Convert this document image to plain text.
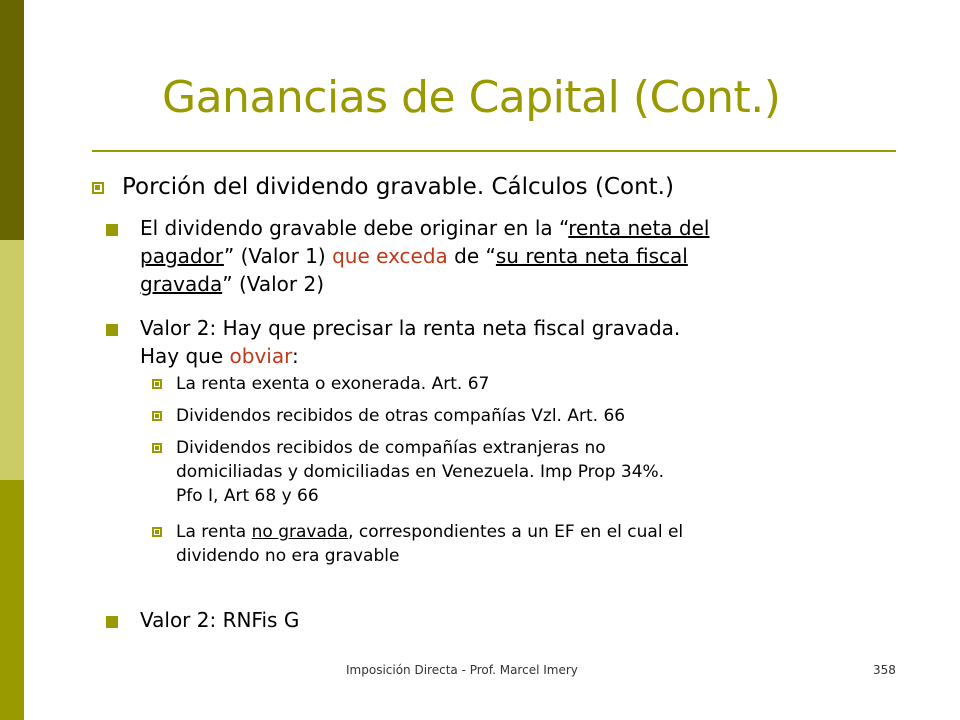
Ganancias de Capital (Cont.)
Porción del dividendo gravable. Cálculos (Cont.)
El dividendo gravable debe originar en la “renta neta del
pagador” (Valor 1) que exceda de “su renta neta fiscal
gravada” (Valor 2)
Valor 2: Hay que precisar la renta neta fiscal gravada.
Hay que obviar:
La renta exenta o exonerada. Art. 67
Dividendos recibidos de otras compañías Vzl. Art. 66
Dividendos recibidos de compañías extranjeras no
domiciliadas y domiciliadas en Venezuela. Imp Prop 34%.
Pfo I, Art 68 y 66
La renta no gravada, correspondientes a un EF en el cual el
dividendo no era gravable
Valor 2: RNFis G
Imposición Directa - Prof. Marcel Imery	358
